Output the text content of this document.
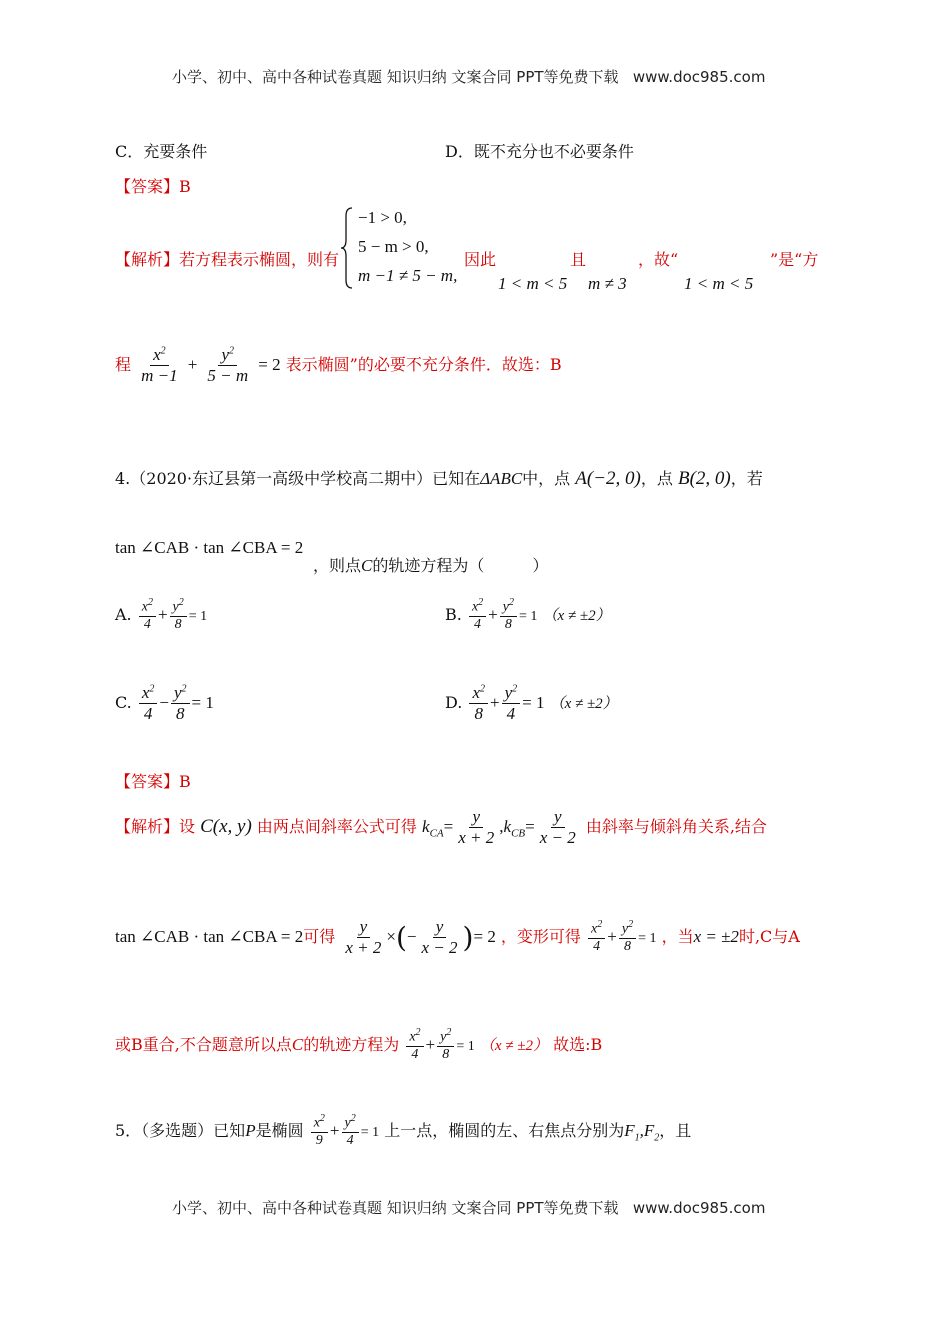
小学、初中、高中各种试卷真题 知识归纳 文案合同 PPT等免费下载 www.doc985.com
C．充要条件	D．既不充分也不必要条件
【答案】B
【解析】若方程表示椭圆，则有
−1 > 0,
5 − m > 0,
m −1 ≠ 5 − m,
因此
1 < m < 5
且
m ≠ 3
，故“
1 < m < 5
”是“方
程 $\frac{x^2}{m -1} + \frac{y^2}{5 - m} = 2$ 表示椭圆”的必要不充分条件．故选：B
4.（2020·东辽县第一高级中学校高二期中）已知在ΔABC中，点 A(−2, 0)，点 B(2, 0)，若
tan ∠CAB · tan ∠CBA = 2
，则点C的轨迹方程为（　　　）
A. $\frac{x^2}{4} + \frac{y^2}{8} = 1$	B. $\frac{x^2}{4} + \frac{y^2}{8} = 1$ （x ≠ ±2）
C. $\frac{x^2}{4} - \frac{y^2}{8} = 1$	D. $\frac{x^2}{8} + \frac{y^2}{4} = 1$ （x ≠ ±2）
【答案】B
【解析】设 C(x, y) 由两点间斜率公式可得 $k_{CA}= \frac{y}{x + 2} ,k_{CB}= \frac{y}{x - 2}$ 由斜率与倾斜角关系,结合
tan ∠CAB · tan ∠CBA = 2可得 $\frac{y}{x + 2}$ ×(− $\frac{y}{x - 2}$ )= 2 ，变形可得 $\frac{x^2}{4} + \frac{y^2}{8} = 1$ ，当x = ±2时,C与A
或B重合,不合题意所以点C的轨迹方程为 $\frac{x^2}{4} + \frac{y^2}{8} = 1$ （x ≠ ±2） 故选:B
5．（多选题）已知P是椭圆 $\frac{x^2}{9} + \frac{y^2}{4} = 1$ 上一点，椭圆的左、右焦点分别为$F_1,F_2$，且
小学、初中、高中各种试卷真题 知识归纳 文案合同 PPT等免费下载 www.doc985.com
